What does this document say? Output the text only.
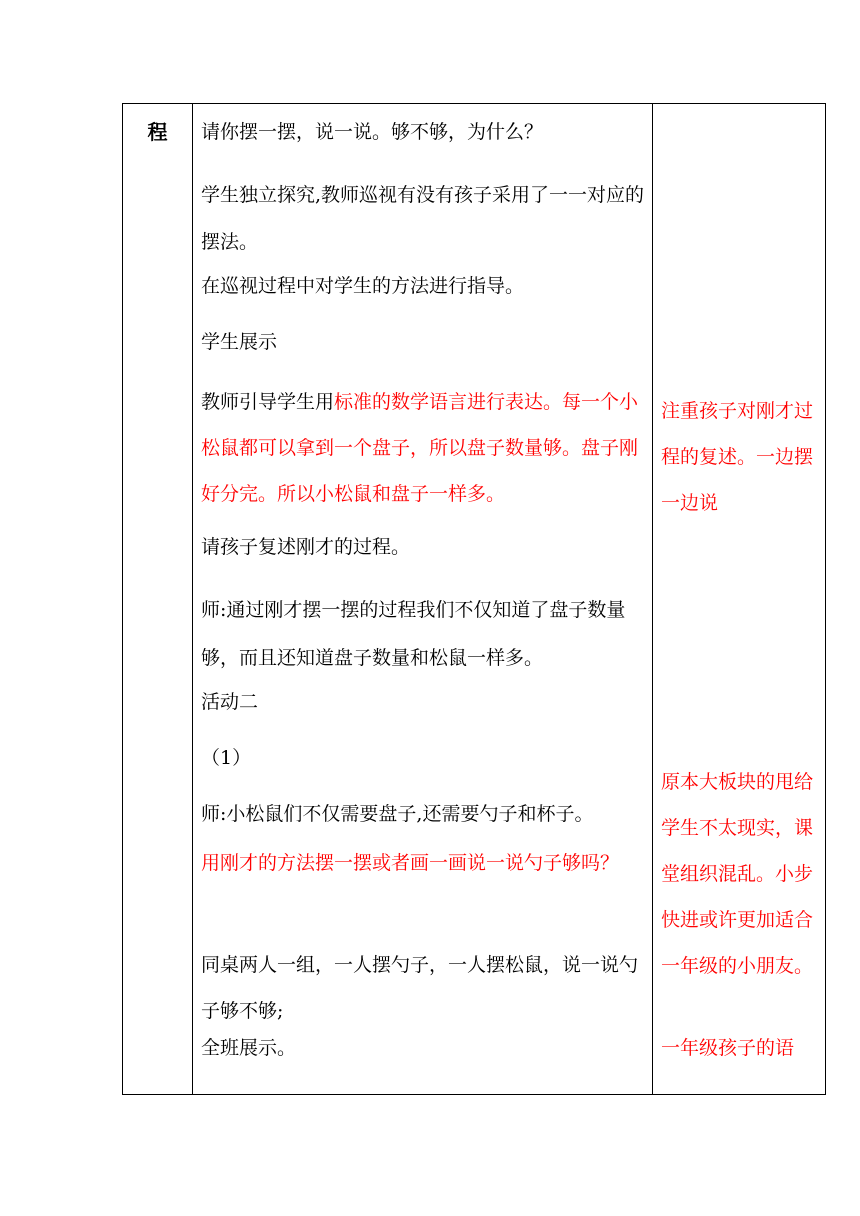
程	请你摆一摆，说一说。够不够，为什么？

学生独立探究,教师巡视有没有孩子采用了一一对应的摆法。

在巡视过程中对学生的方法进行指导。

学生展示

教师引导学生用标准的数学语言进行表达。每一个小松鼠都可以拿到一个盘子，所以盘子数量够。盘子刚好分完。所以小松鼠和盘子一样多。

请孩子复述刚才的过程。

师:通过刚才摆一摆的过程我们不仅知道了盘子数量够，而且还知道盘子数量和松鼠一样多。

活动二

（1）

师:小松鼠们不仅需要盘子,还需要勺子和杯子。

用刚才的方法摆一摆或者画一画说一说勺子够吗？

同桌两人一组，一人摆勺子，一人摆松鼠，说一说勺子够不够;

全班展示。

注重孩子对刚才过程的复述。一边摆一边说

原本大板块的甩给学生不太现实，课堂组织混乱。小步快进或许更加适合一年级的小朋友。

一年级孩子的语
